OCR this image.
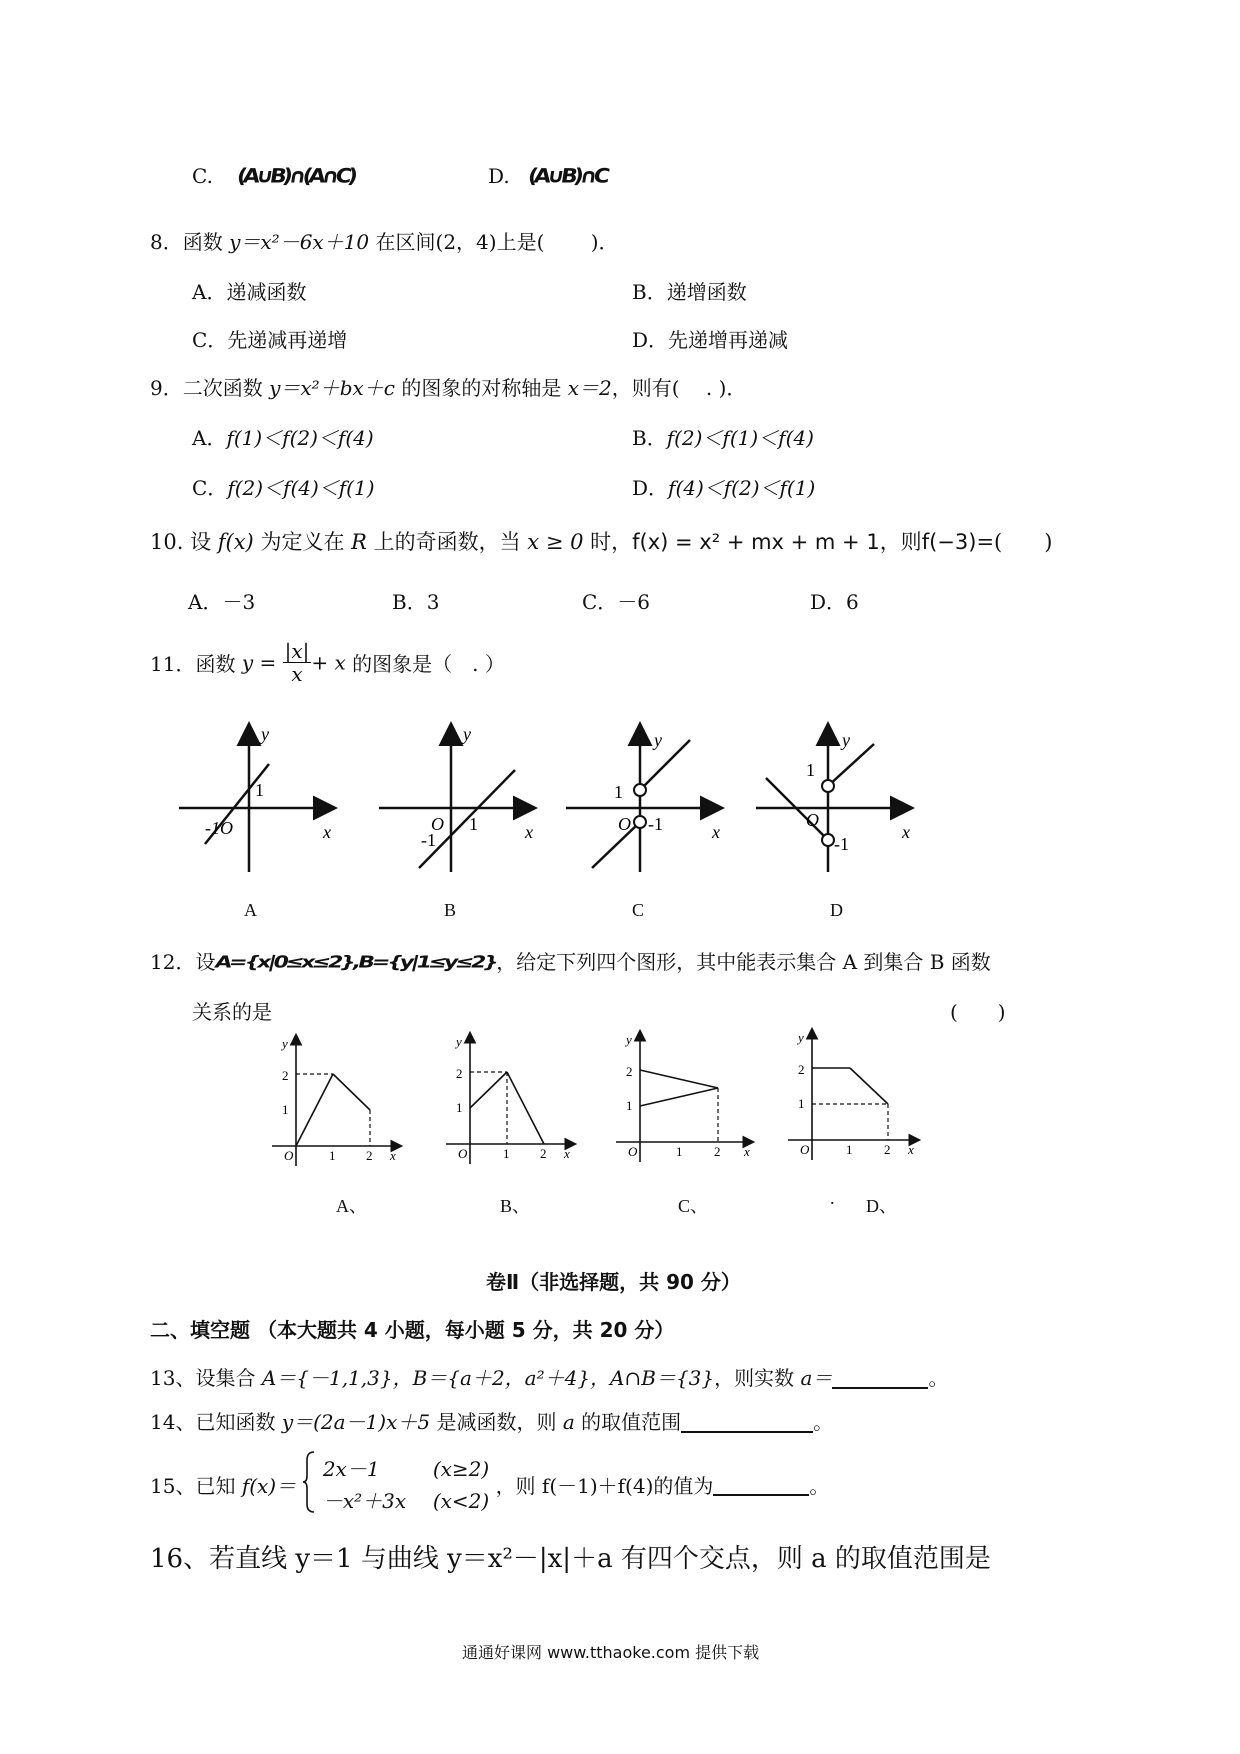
C. (A∪B)∩(A∩C)	D. (A∪B)∩C
8．函数 y＝x²－6x＋10 在区间(2，4)上是(　　 )．
A．递减函数	B．递增函数
C．先递减再递增	D．先递增再递减
9．二次函数 y＝x²＋bx＋c 的图象的对称轴是 x＝2，则有(　 . )．
A．f(1)＜f(2)＜f(4)	B．f(2)＜f(1)＜f(4)
C．f(2)＜f(4)＜f(1)	D．f(4)＜f(2)＜f(1)
10. 设 f(x) 为定义在 R 上的奇函数，当 x ≥ 0 时，f(x) = x² + mx + m + 1，则f(−3)=(　　)
A．－3	B．3	C．－6	D．6
11．函数 $y = \frac{|x|}{x} + x$ 的图象是（　. ）
y
x
1
-1O
y
x
O 1
-1
y
x
1
O -1
y
x
1
O
-1
A	B	C	D
12．设A={x|0≤x≤2},B={y|1≤y≤2}，给定下列四个图形，其中能表示集合 A 到集合 B 函数
关系的是	(　　)
y
2
1
O	1 2 x
y
2
1
O	1 2 x
y
2
1
O	1 2 x
y
2
1
O	1 2 x
A、	B、	C、	. D、
卷Ⅱ（非选择题，共 90 分）
二、填空题 （本大题共 4 小题，每小题 5 分，共 20 分）
13、设集合 A＝{－1,1,3}，B＝{a＋2，a²＋4}，A∩B＝{3}，则实数 a＝	。
14、已知函数 y＝(2a－1)x＋5 是减函数，则 a 的取值范围	。
15、已知 f(x)＝
2x－1	(x≥2)
－x²＋3x (x<2)
，则 f(－1)＋f(4)的值为	。
16、若直线 y＝1 与曲线 y＝x²－|x|＋a 有四个交点，则 a 的取值范围是
通通好课网 www.tthaoke.com 提供下载
